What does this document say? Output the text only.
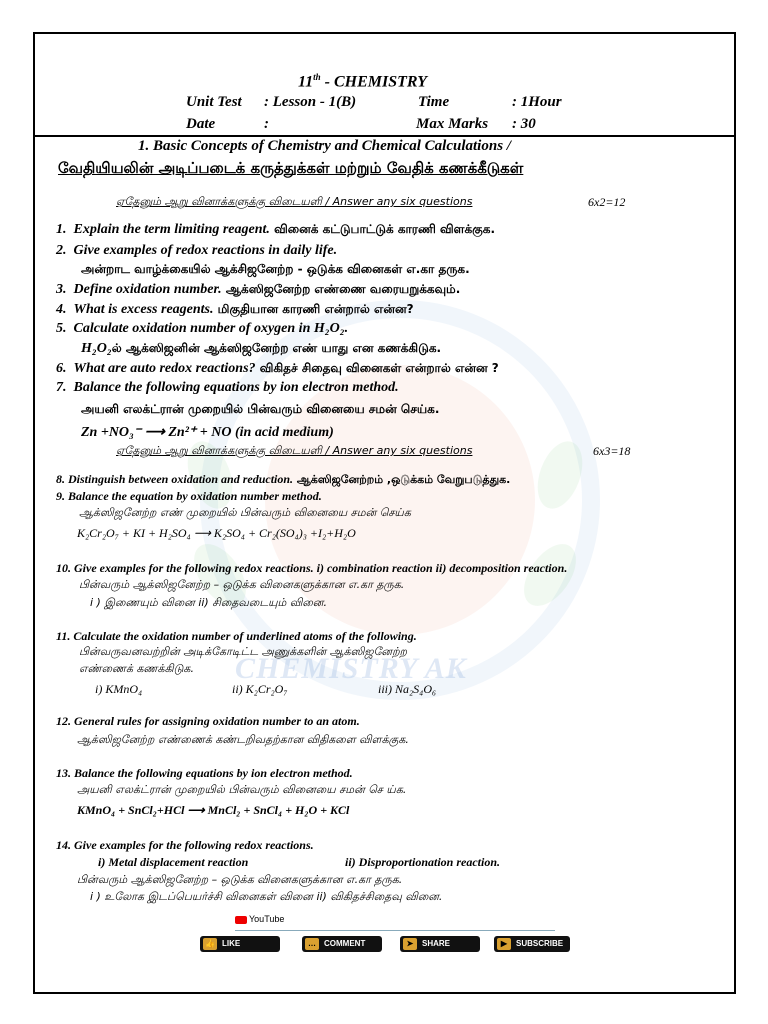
CHEMISTRY AK
11th - CHEMISTRY
Unit Test : Lesson - 1(B)	Time	: 1Hour
Date	:	Max Marks : 30
1. Basic Concepts of Chemistry and Chemical Calculations /
வேதியியலின் அடிப்படைக் கருத்துக்கள் மற்றும் வேதிக் கணக்கீடுகள்
ஏதேனும் ஆறு வினாக்களுக்கு விடையளி / Answer any six questions	6x2=12
1. Explain the term limiting reagent. வினைக் கட்டுபாட்டுக் காரணி விளக்குக.
2. Give examples of redox reactions in daily life.
அன்றாட வாழ்க்கையில் ஆக்சிஜனேற்ற - ஒடுக்க வினைகள் எ.கா தருக.
3. Define oxidation number. ஆக்ஸிஜனேற்ற எண்ணை வரையறுக்கவும்.
4. What is excess reagents. மிகுதியான காரணி என்றால் என்ன?
5. Calculate oxidation number of oxygen in H₂O₂.
H₂O₂ல் ஆக்ஸிஜனின் ஆக்ஸிஜனேற்ற எண் யாது என கணக்கிடுக.
6. What are auto redox reactions? விகிதச் சிதைவு வினைகள் என்றால் என்ன ?
7. Balance the following equations by ion electron method.
அயனி எலக்ட்ரான் முறையில் பின்வரும் வினையை சமன் செய்க.
Zn +NO₃⁻ ⟶ Zn²⁺ + NO (in acid medium)
ஏதேனும் ஆறு வினாக்களுக்கு விடையளி / Answer any six questions	6x3=18
8. Distinguish between oxidation and reduction. ஆக்ஸிஜனேற்றம் ,ஒடுக்கம் வேறுபடுத்துக.
9. Balance the equation by oxidation number method.
ஆக்ஸிஜனேற்ற எண் முறையில் பின்வரும் வினையை சமன் செய்க
K₂Cr₂O₇ + KI + H₂SO₄ ⟶ K₂SO₄ + Cr₂(SO₄)₃ +I₂+H₂O
10. Give examples for the following redox reactions. i) combination reaction ii) decomposition reaction.
பின்வரும் ஆக்ஸிஜனேற்ற – ஒடுக்க வினைகளுக்கான எ.கா தருக.
i ) இணையும் வினை ii) சிதைவடையும் வினை.
11. Calculate the oxidation number of underlined atoms of the following.
பின்வருவனவற்றின் அடிக்கோடிட்ட அணுக்களின் ஆக்ஸிஜனேற்ற
எண்ணைக் கணக்கிடுக.
i) KMnO₄	ii) K₂Cr₂O₇	iii) Na₂S₄O₆
12. General rules for assigning oxidation number to an atom.
ஆக்ஸிஜனேற்ற எண்ணைக் கண்டறிவதற்கான விதிகளை விளக்குக.
13. Balance the following equations by ion electron method.
அயனி எலக்ட்ரான் முறையில் பின்வரும் வினையை சமன் செ ய்க.
KMnO₄ + SnCl₂+HCl ⟶ MnCl₂ + SnCl₄ + H₂O + KCl
14. Give examples for the following redox reactions.
i) Metal displacement reaction	ii) Disproportionation reaction.
பின்வரும் ஆக்ஸிஜனேற்ற – ஒடுக்க வினைகளுக்கான எ.கா தருக.
i ) உலோக இடப்பெயர்ச்சி வினைகள் வினை ii) விகிதச்சிதைவு வினை.
YouTube
👍 LIKE	…	COMMENT	➤	SHARE	▶	SUBSCRIBE
